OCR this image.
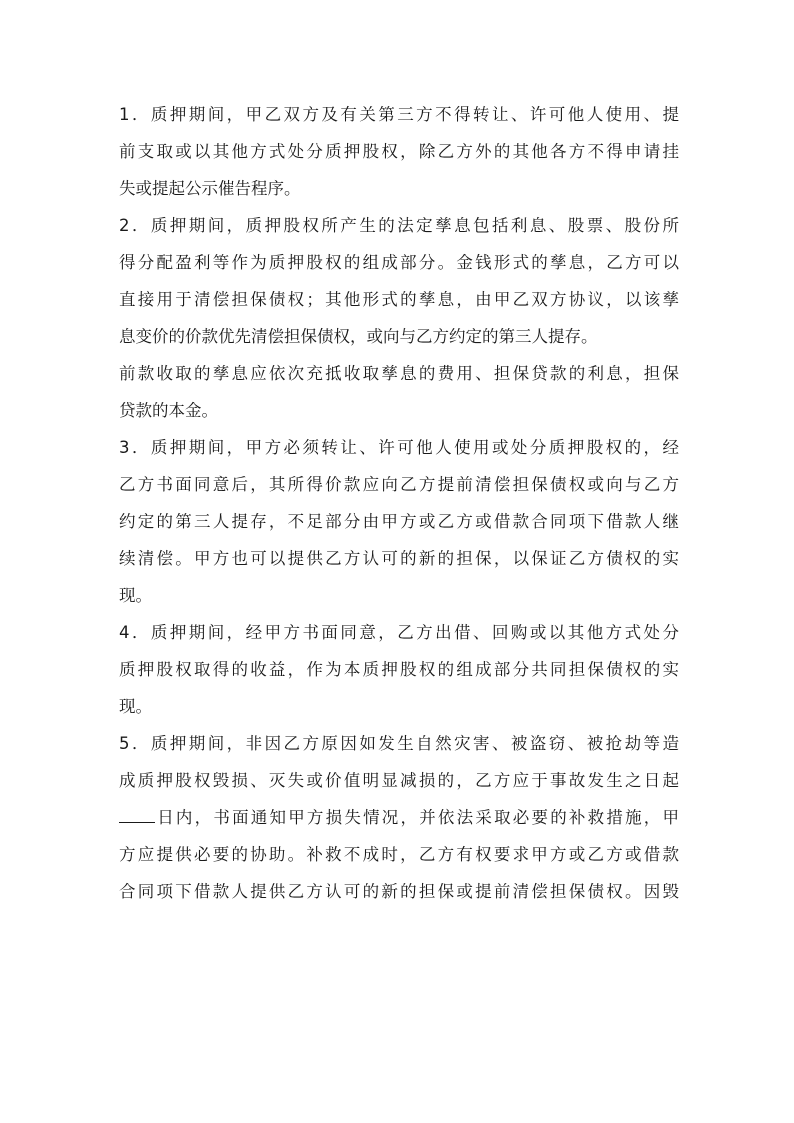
1．质押期间，甲乙双方及有关第三方不得转让、许可他人使用、提
前支取或以其他方式处分质押股权，除乙方外的其他各方不得申请挂
失或提起公示催告程序。
2．质押期间，质押股权所产生的法定孳息包括利息、股票、股份所
得分配盈利等作为质押股权的组成部分。金钱形式的孳息，乙方可以
直接用于清偿担保债权；其他形式的孳息，由甲乙双方协议，以该孳
息变价的价款优先清偿担保债权，或向与乙方约定的第三人提存。
前款收取的孳息应依次充抵收取孳息的费用、担保贷款的利息，担保
贷款的本金。
3．质押期间，甲方必须转让、许可他人使用或处分质押股权的，经
乙方书面同意后，其所得价款应向乙方提前清偿担保债权或向与乙方
约定的第三人提存，不足部分由甲方或乙方或借款合同项下借款人继
续清偿。甲方也可以提供乙方认可的新的担保，以保证乙方债权的实
现。
4．质押期间，经甲方书面同意，乙方出借、回购或以其他方式处分
质押股权取得的收益，作为本质押股权的组成部分共同担保债权的实
现。
5．质押期间，非因乙方原因如发生自然灾害、被盗窃、被抢劫等造
成质押股权毁损、灭失或价值明显减损的，乙方应于事故发生之日起
日内，书面通知甲方损失情况，并依法采取必要的补救措施，甲
方应提供必要的协助。补救不成时，乙方有权要求甲方或乙方或借款
合同项下借款人提供乙方认可的新的担保或提前清偿担保债权。因毁
